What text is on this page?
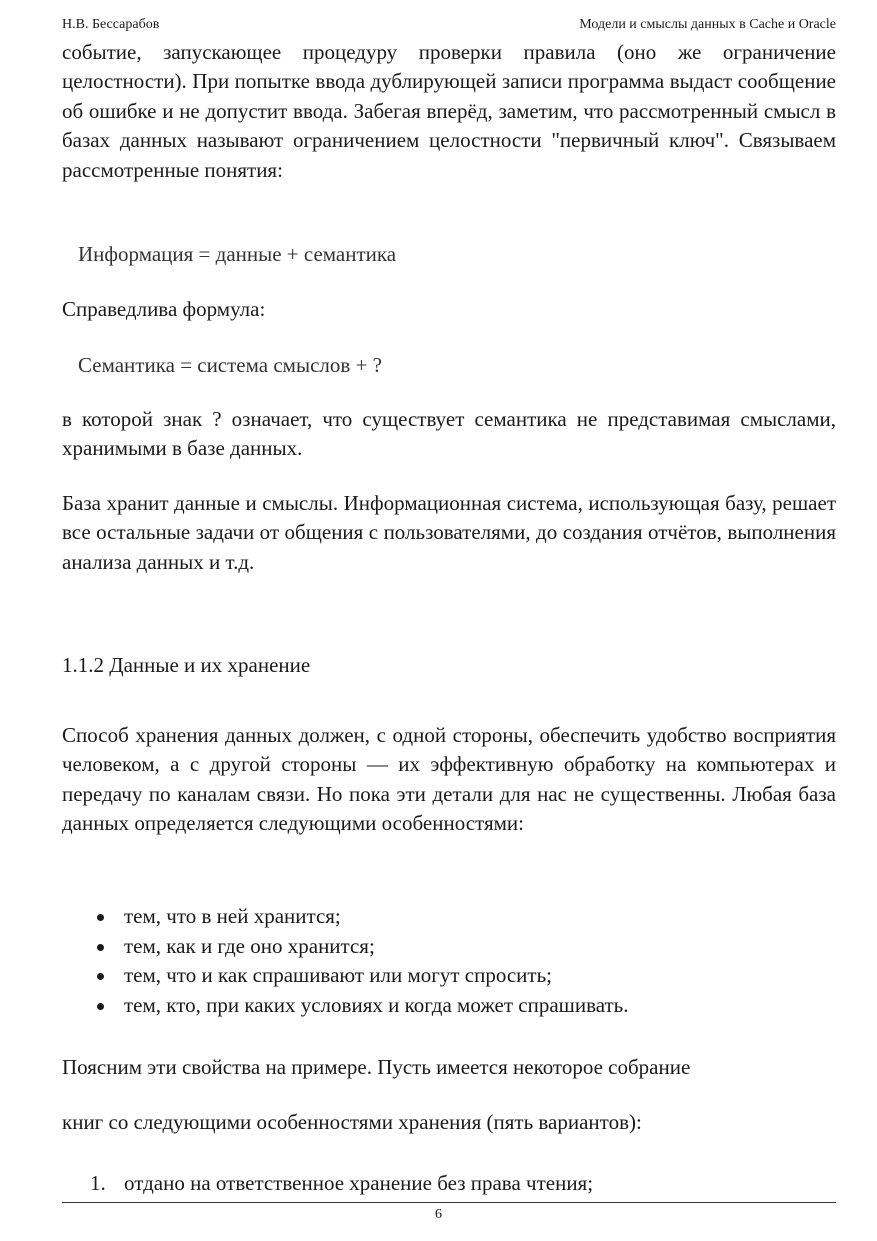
Н.В. Бессарабов	Модели и смыслы данных в Cache и Oracle

событие, запускающее процедуру проверки правила (оно же ограничение целостности). При попытке ввода дублирующей записи программа выдаст сообщение об ошибке и не допустит ввода. Забегая вперёд, заметим, что рассмотренный смысл в базах данных называют ограничением целостности "первичный ключ". Связываем рассмотренные понятия:

Информация = данные + семантика

Справедлива формула:

Семантика = система смыслов + ?

в которой знак ? означает, что существует семантика не представимая смыслами, хранимыми в базе данных.

База хранит данные и смыслы. Информационная система, использующая базу, решает все остальные задачи от общения с пользователями, до создания отчётов, выполнения анализа данных и т.д.

1.1.2 Данные и их хранение

Способ хранения данных должен, с одной стороны, обеспечить удобство восприятия человеком, а с другой стороны — их эффективную обработку на компьютерах и передачу по каналам связи. Но пока эти детали для нас не существенны. Любая база данных определяется следующими особенностями:

тем, что в ней хранится;
тем, как и где оно хранится;
тем, что и как спрашивают или могут спросить;
тем, кто, при каких условиях и когда может спрашивать.

Поясним эти свойства на примере. Пусть имеется некоторое собрание

книг со следующими особенностями хранения (пять вариантов):

1. отдано на ответственное хранение без права чтения;
6
